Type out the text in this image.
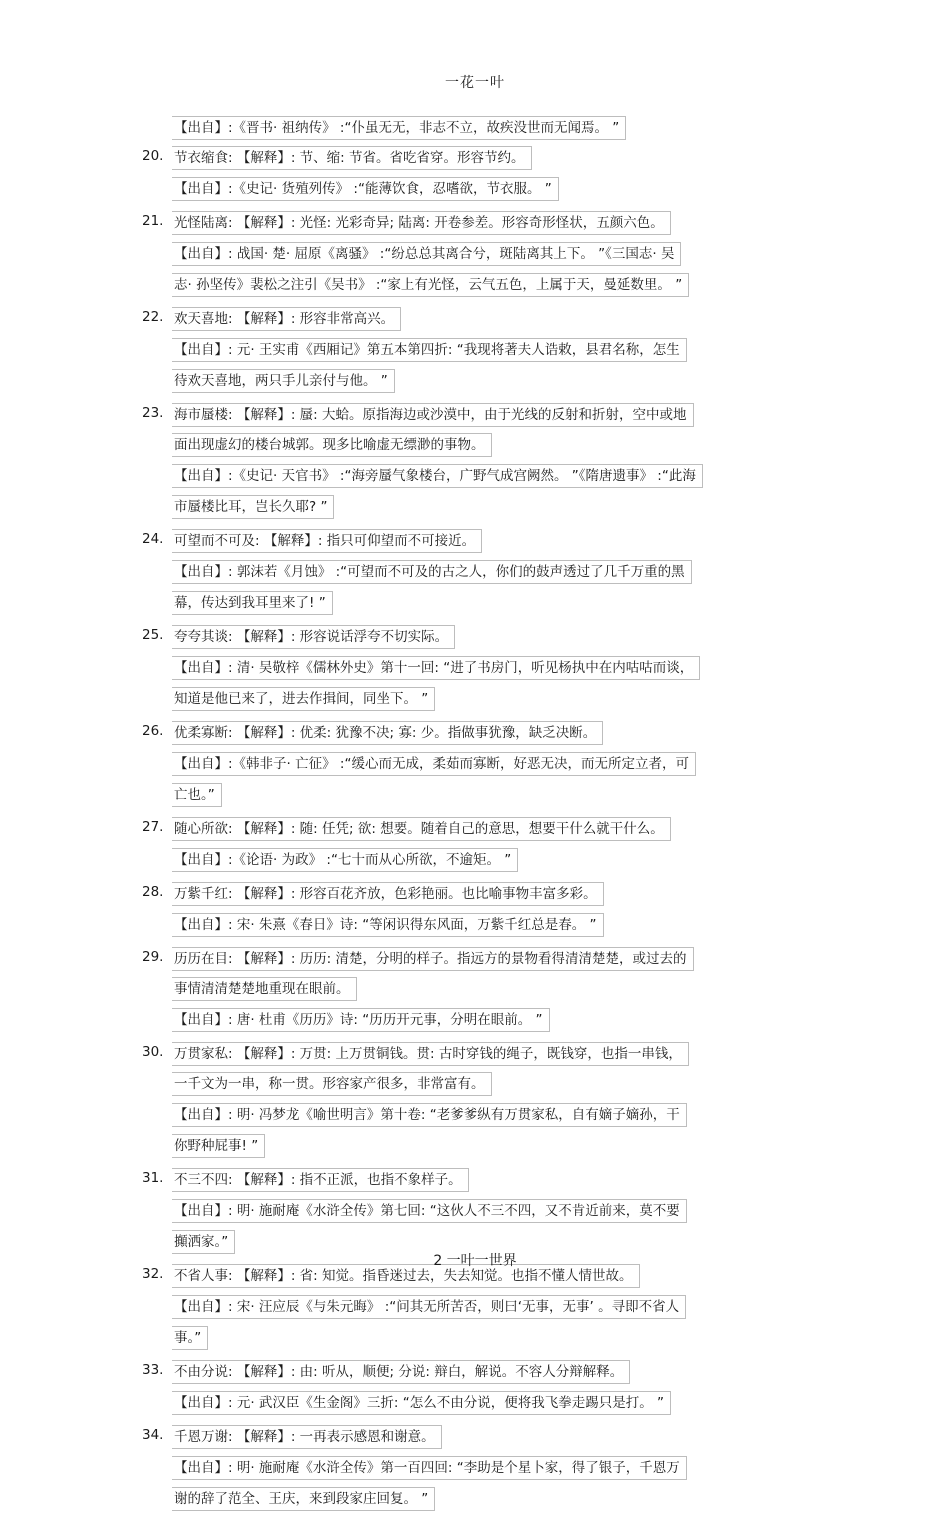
一花一叶
【出自】:《晋书· 祖纳传》 :“仆虽无无，非志不立，故疾没世而无闻焉。 ”
20. 节衣缩食: 【解释】: 节、缩: 节省。省吃省穿。形容节约。
【出自】:《史记· 货殖列传》 :“能薄饮食，忍嗜欲，节衣服。 ”
21. 光怪陆离: 【解释】: 光怪: 光彩奇异; 陆离: 开卷参差。形容奇形怪状，五颜六色。
【出自】: 战国· 楚· 屈原《离骚》 :“纷总总其离合兮，斑陆离其上下。 ”《三国志· 吴
志· 孙坚传》裴松之注引《吴书》 :“家上有光怪，云气五色，上属于天，曼延数里。 ”
22. 欢天喜地: 【解释】: 形容非常高兴。
【出自】: 元· 王实甫《西厢记》第五本第四折: “我现将著夫人诰敕，县君名称，怎生
待欢天喜地，两只手儿亲付与他。 ”
23. 海市蜃楼: 【解释】: 蜃: 大蛤。原指海边或沙漠中，由于光线的反射和折射，空中或地
面出现虚幻的楼台城郭。现多比喻虚无缥渺的事物。
【出自】:《史记· 天官书》 :“海旁蜃气象楼台，广野气成宫阙然。 ”《隋唐遗事》 :“此海
市蜃楼比耳，岂长久耶? ”
24. 可望而不可及: 【解释】: 指只可仰望而不可接近。
【出自】: 郭沫若《月蚀》 :“可望而不可及的古之人，你们的鼓声透过了几千万重的黑
幕，传达到我耳里来了! ”
25. 夸夸其谈: 【解释】: 形容说话浮夸不切实际。
【出自】: 清· 吴敬梓《儒林外史》第十一回: “进了书房门，听见杨执中在内咕咕而谈，
知道是他已来了，进去作揖间，同坐下。 ”
26. 优柔寡断: 【解释】: 优柔: 犹豫不决; 寡: 少。指做事犹豫，缺乏决断。
【出自】:《韩非子· 亡征》 :“缓心而无成，柔茹而寡断，好恶无决，而无所定立者，可
亡也。”
27. 随心所欲: 【解释】: 随: 任凭; 欲: 想要。随着自己的意思，想要干什么就干什么。
【出自】:《论语· 为政》 :“七十而从心所欲，不逾矩。 ”
28. 万紫千红: 【解释】: 形容百花齐放，色彩艳丽。也比喻事物丰富多彩。
【出自】: 宋· 朱熹《春日》诗: “等闲识得东风面，万紫千红总是春。 ”
29. 历历在目: 【解释】: 历历: 清楚，分明的样子。指远方的景物看得清清楚楚，或过去的
事情清清楚楚地重现在眼前。
【出自】: 唐· 杜甫《历历》诗: “历历开元事，分明在眼前。 ”
30. 万贯家私: 【解释】: 万贯: 上万贯铜钱。贯: 古时穿钱的绳子，既钱穿，也指一串钱，
一千文为一串，称一贯。形容家产很多，非常富有。
【出自】: 明· 冯梦龙《喻世明言》第十卷: “老爹爹纵有万贯家私，自有嫡子嫡孙，干
你野种屁事! ”
31. 不三不四: 【解释】: 指不正派，也指不象样子。
【出自】: 明· 施耐庵《水浒全传》第七回: “这伙人不三不四，又不肯近前来，莫不要
攧洒家。”
32. 不省人事: 【解释】: 省: 知觉。指昏迷过去，失去知觉。也指不懂人情世故。
【出自】: 宋· 汪应辰《与朱元晦》 :“问其无所苦否，则曰‘无事，无事’ 。寻即不省人
事。”
33. 不由分说: 【解释】: 由: 听从，顺便; 分说: 辩白，解说。不容人分辩解释。
【出自】: 元· 武汉臣《生金阁》三折: “怎么不由分说，便将我飞拳走踢只是打。 ”
34. 千恩万谢: 【解释】: 一再表示感恩和谢意。
【出自】: 明· 施耐庵《水浒全传》第一百四回: “李助是个星卜家，得了银子，千恩万
谢的辞了范全、王庆，来到段家庄回复。 ”
2 一叶一世界
